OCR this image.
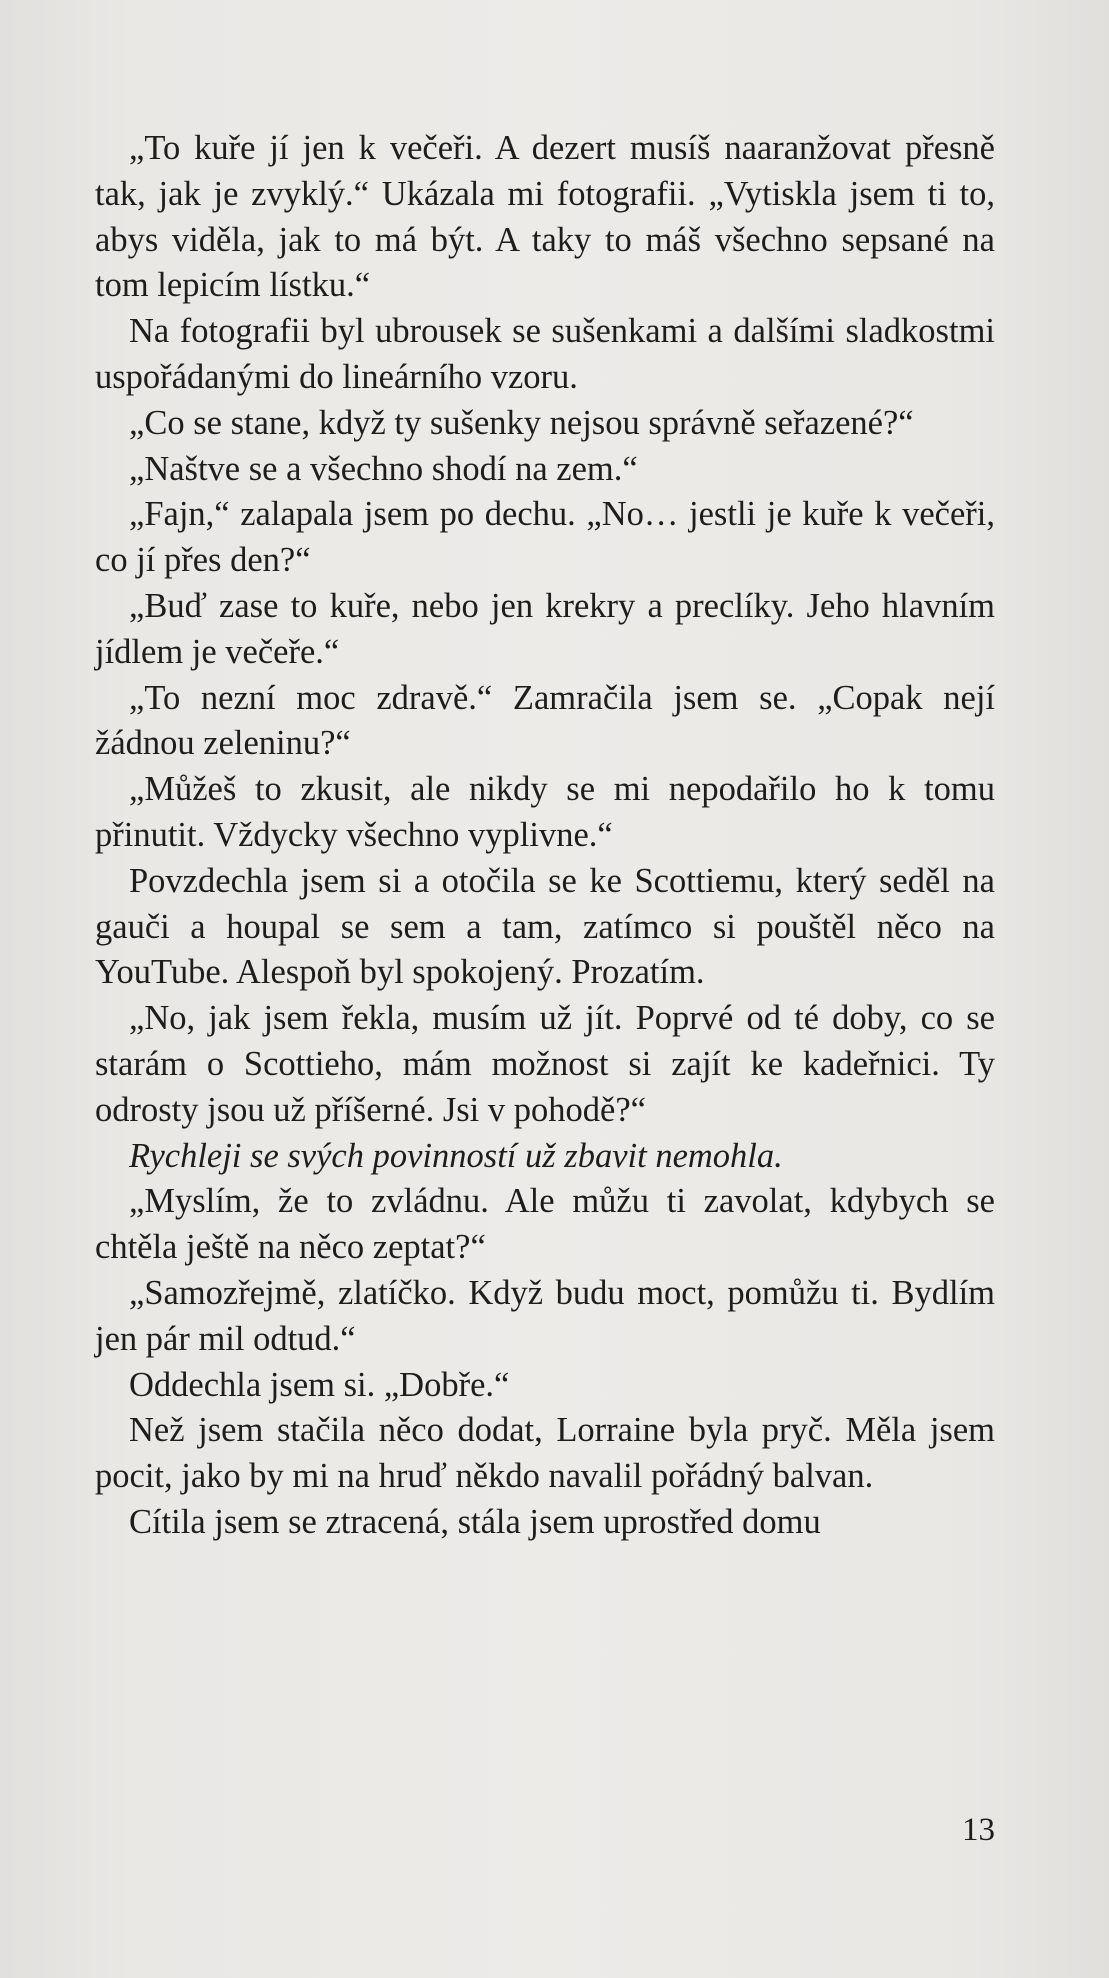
„To kuře jí jen k večeři. A dezert musíš naaranžovat přesně tak, jak je zvyklý.“ Ukázala mi fotografii. „Vytiskla jsem ti to, abys viděla, jak to má být. A taky to máš všechno sepsané na tom lepicím lístku.“

Na fotografii byl ubrousek se sušenkami a dalšími sladkostmi uspořádanými do lineárního vzoru.

„Co se stane, když ty sušenky nejsou správně seřazené?“

„Naštve se a všechno shodí na zem.“

„Fajn,“ zalapala jsem po dechu. „No… jestli je kuře k večeři, co jí přes den?“

„Buď zase to kuře, nebo jen krekry a preclíky. Jeho hlavním jídlem je večeře.“

„To nezní moc zdravě.“ Zamračila jsem se. „Copak nejí žádnou zeleninu?“

„Můžeš to zkusit, ale nikdy se mi nepodařilo ho k tomu přinutit. Vždycky všechno vyplivne.“

Povzdechla jsem si a otočila se ke Scottiemu, který seděl na gauči a houpal se sem a tam, zatímco si pouštěl něco na YouTube. Alespoň byl spokojený. Prozatím.

„No, jak jsem řekla, musím už jít. Poprvé od té doby, co se starám o Scottieho, mám možnost si zajít ke kadeřnici. Ty odrosty jsou už příšerné. Jsi v pohodě?“

Rychleji se svých povinností už zbavit nemohla.

„Myslím, že to zvládnu. Ale můžu ti zavolat, kdybych se chtěla ještě na něco zeptat?“

„Samozřejmě, zlatíčko. Když budu moct, pomůžu ti. Bydlím jen pár mil odtud.“

Oddechla jsem si. „Dobře.“

Než jsem stačila něco dodat, Lorraine byla pryč. Měla jsem pocit, jako by mi na hruď někdo navalil pořádný balvan.

Cítila jsem se ztracená, stála jsem uprostřed domu

13
